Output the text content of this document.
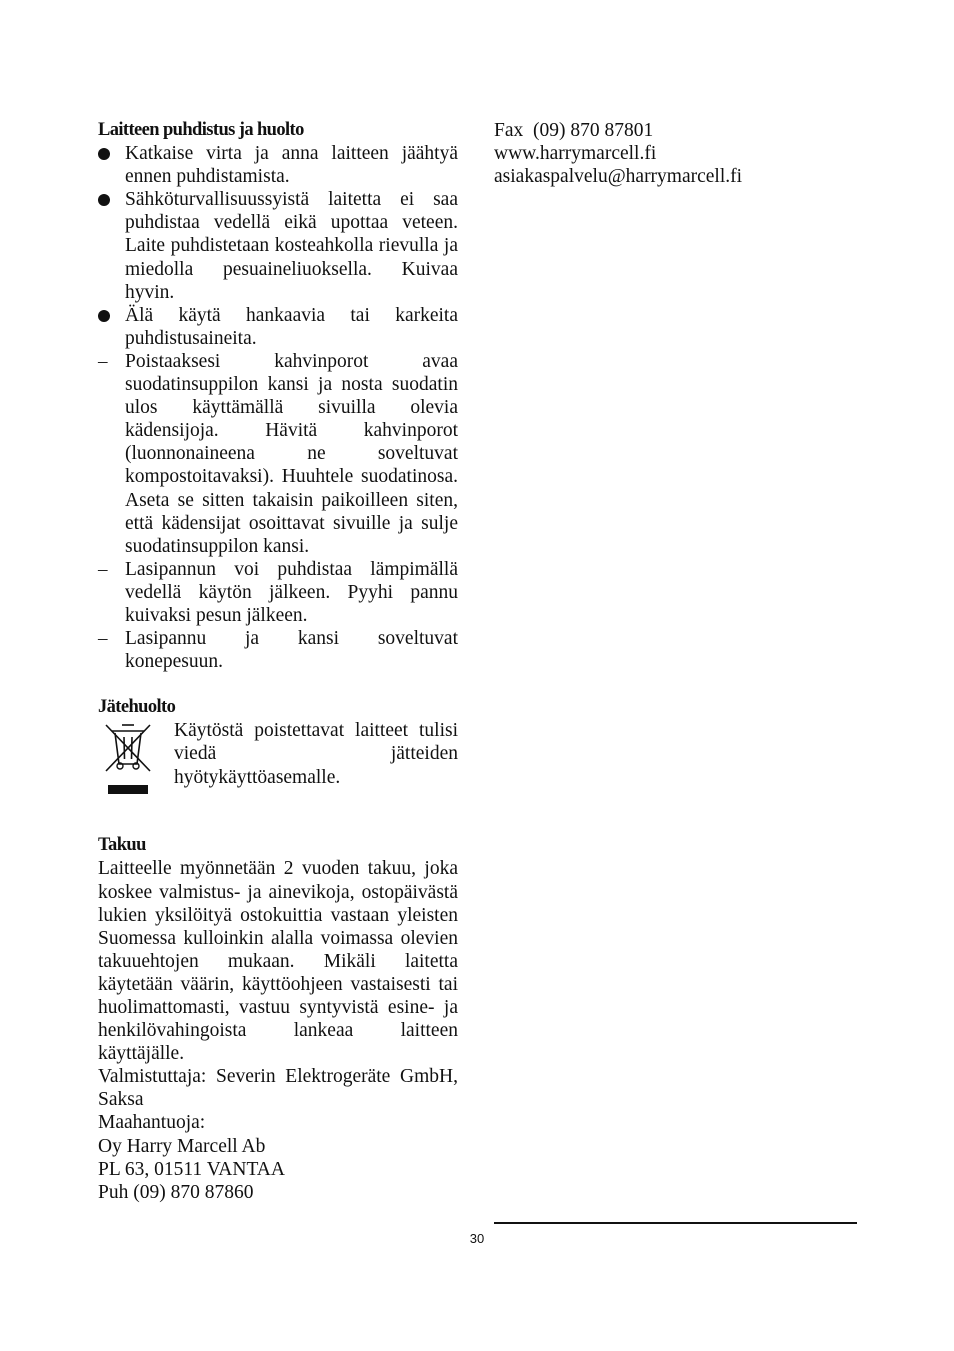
Laitteen puhdistus ja huolto
Katkaise virta ja anna laitteen jäähtyä ennen puhdistamista.
Sähköturvallisuussyistä laitetta ei saa puhdistaa vedellä eikä upottaa veteen. Laite puhdistetaan kosteahkolla rievulla ja miedolla pesuaineliuoksella. Kuivaa hyvin.
Älä käytä hankaavia tai karkeita puhdistusaineita.
– Poistaaksesi kahvinporot avaa suodatinsuppilon kansi ja nosta suodatin ulos käyttämällä sivuilla olevia kädensijoja. Hävitä kahvinporot (luonnonaineena ne soveltuvat kompostoitavaksi). Huuhtele suodatinosa. Aseta se sitten takaisin paikoilleen siten, että kädensijat osoittavat sivuille ja sulje suodatinsuppilon kansi.
– Lasipannun voi puhdistaa lämpimällä vedellä käytön jälkeen. Pyyhi pannu kuivaksi pesun jälkeen.
– Lasipannu ja kansi soveltuvat konepesuun.
Jätehuolto

Käytöstä poistettavat laitteet tulisi viedä jätteiden hyötykäyttöasemalle.

Takuu

Laitteelle myönnetään 2 vuoden takuu, joka koskee valmistus- ja ainevikoja, ostopäivästä lukien yksilöityä ostokuittia vastaan yleisten Suomessa kulloinkin alalla voimassa olevien takuuehtojen mukaan. Mikäli laitetta käytetään väärin, käyttöohjeen vastaisesti tai huolimattomasti, vastuu syntyvistä esine- ja henkilövahingoista lankeaa laitteen käyttäjälle.

Valmistuttaja: Severin Elektrogeräte GmbH, Saksa

Maahantuoja:
Oy Harry Marcell Ab
PL 63, 01511 VANTAA
Puh (09) 870 87860
Fax  (09) 870 87801
www.harrymarcell.fi
asiakaspalvelu@harrymarcell.fi
30
